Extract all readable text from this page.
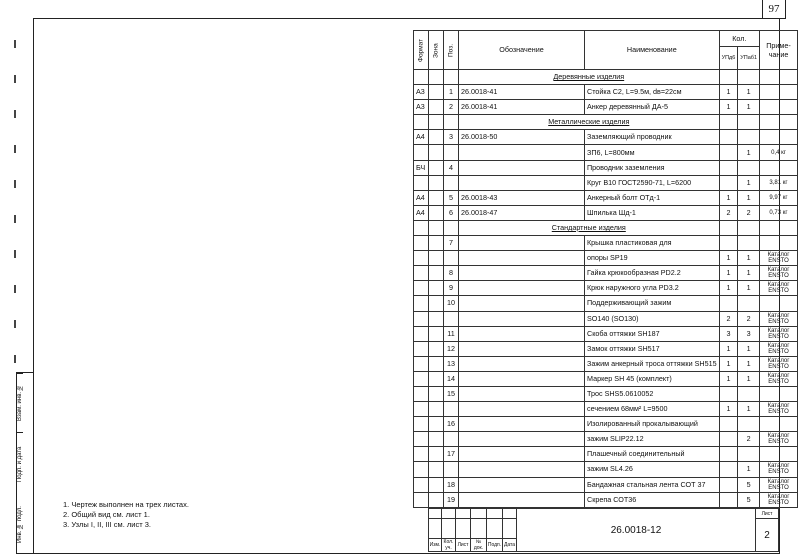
97
Формат	Зона	Поз.	Обозначение	Наименование	Кол.		Приме-
чание
					УПд6	УПаб1	
			Деревянные изделия				
А3		1	26.0018-41	Стойка С2, L=9.5м, dв=22см	1	1	
А3		2	26.0018-41	Анкер деревянный ДА-5	1	1	
			Металлические изделия				
А4		3	26.0018-50	Заземляющий проводник			
				ЗП6, L=800мм		1	0,4 кг
БЧ		4		Проводник заземления			
				Круг В10 ГОСТ2590-71, L=6200		1	3,81 кг
А4		5	26.0018-43	Анкерный болт ОТд-1	1	1	9,97 кг
А4		6	26.0018-47	Шпилька Шд-1	2	2	0,73 кг
			Стандартные изделия				
		7		Крышка пластиковая для			
				опоры SP19	1	1	Каталог
ENSTO
		8		Гайка крюкообразная PD2.2	1	1	Каталог
ENSTO
		9		Крюк наружного угла PD3.2	1	1	Каталог
ENSTO
		10		Поддерживающий зажим			
				SO140 (SO130)	2	2	Каталог
ENSTO
		11		Скоба оттяжки SH187	3	3	Каталог
ENSTO
		12		Замок оттяжки SH517	1	1	Каталог
ENSTO
		13		Зажим анкерный троса оттяжки SH515	1	1	Каталог
ENSTO
		14		Маркер SH 45 (комплект)	1	1	Каталог
ENSTO
		15		Трос SHS5.0610052			
				сечением 68мм² L=9500	1	1	Каталог
ENSTO
		16		Изолированный прокалывающий			
				зажим SLIP22.12		2	Каталог
ENSTO
		17		Плашечный соединительный			
				зажим SL4.26		1	Каталог
ENSTO
		18		Бандажная стальная лента СОТ 37		5	Каталог
ENSTO
		19		Скрепа СОТ36		5	Каталог
ENSTO
Взам. инв. №
Подп. и дата
Инв. № подл.
1. Чертеж выполнен на трех листах.
2. Общий вид см. лист 1.
3. Узлы I, II, III см. лист 3.
							26.0018-12	Лист
							2
Изм.	Кол. уч.	Лист	№ док.	Подп.	Дата		
